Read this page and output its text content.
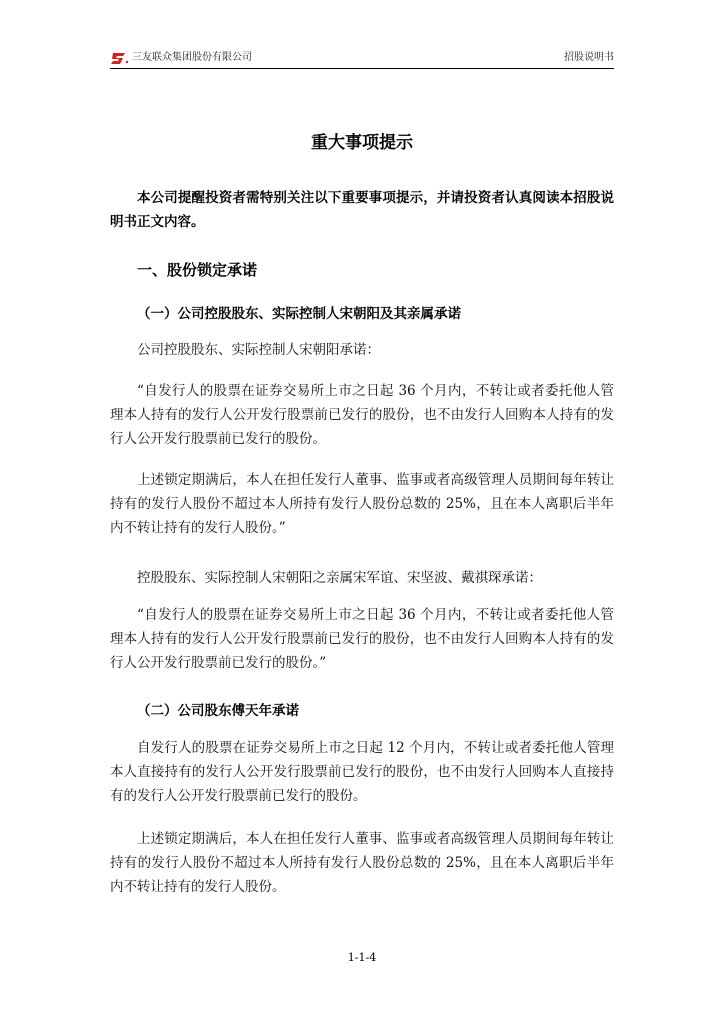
三友联众集团股份有限公司	招股说明书
重大事项提示
本公司提醒投资者需特别关注以下重要事项提示，并请投资者认真阅读本招股说明书正文内容。
一、股份锁定承诺
（一）公司控股股东、实际控制人宋朝阳及其亲属承诺
公司控股股东、实际控制人宋朝阳承诺：
“自发行人的股票在证券交易所上市之日起 36 个月内，不转让或者委托他人管理本人持有的发行人公开发行股票前已发行的股份，也不由发行人回购本人持有的发行人公开发行股票前已发行的股份。
上述锁定期满后，本人在担任发行人董事、监事或者高级管理人员期间每年转让持有的发行人股份不超过本人所持有发行人股份总数的 25%，且在本人离职后半年内不转让持有的发行人股份。”
控股股东、实际控制人宋朝阳之亲属宋军谊、宋坚波、戴祺琛承诺：
“自发行人的股票在证券交易所上市之日起 36 个月内，不转让或者委托他人管理本人持有的发行人公开发行股票前已发行的股份，也不由发行人回购本人持有的发行人公开发行股票前已发行的股份。”
（二）公司股东傅天年承诺
自发行人的股票在证券交易所上市之日起 12 个月内，不转让或者委托他人管理本人直接持有的发行人公开发行股票前已发行的股份，也不由发行人回购本人直接持有的发行人公开发行股票前已发行的股份。
上述锁定期满后，本人在担任发行人董事、监事或者高级管理人员期间每年转让持有的发行人股份不超过本人所持有发行人股份总数的 25%，且在本人离职后半年内不转让持有的发行人股份。
1-1-4
